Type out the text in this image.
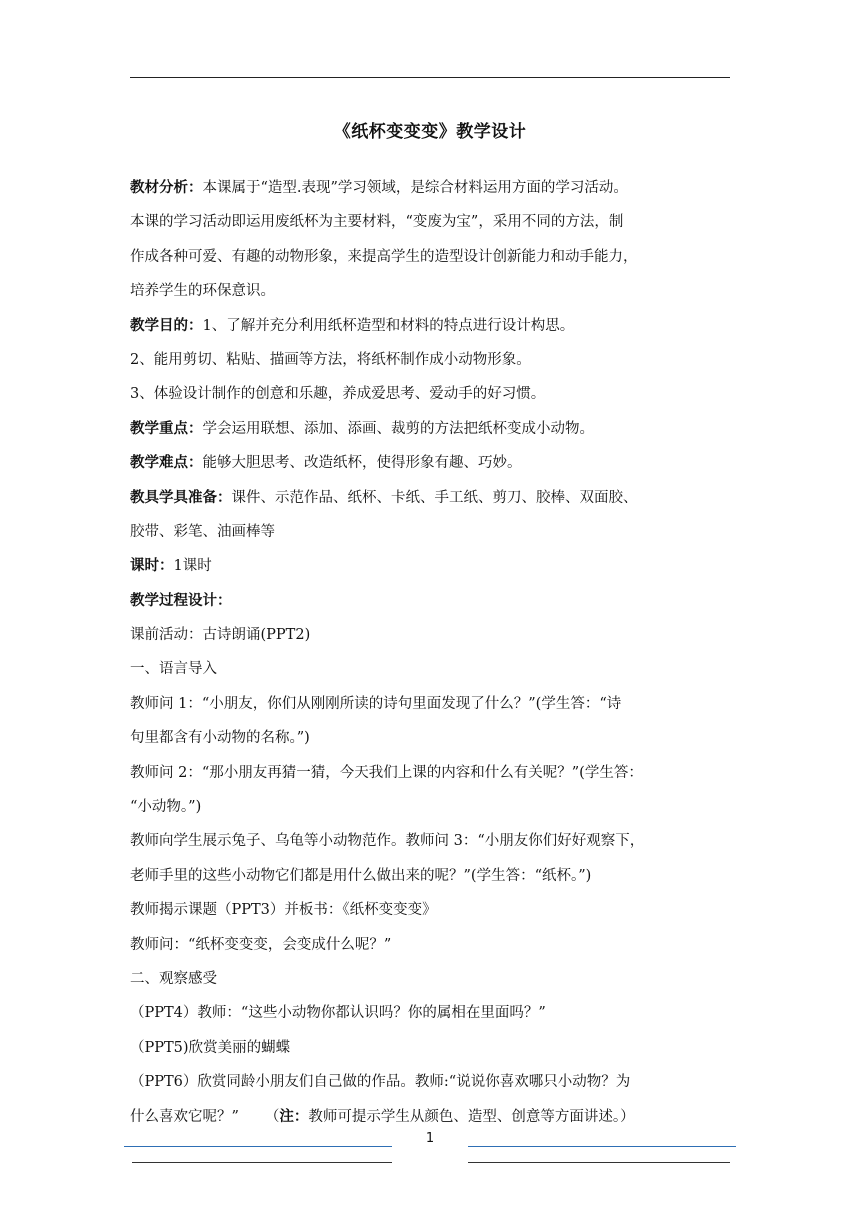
《纸杯变变变》教学设计
教材分析：本课属于“造型.表现”学习领域，是综合材料运用方面的学习活动。
本课的学习活动即运用废纸杯为主要材料，“变废为宝”，采用不同的方法，制
作成各种可爱、有趣的动物形象，来提高学生的造型设计创新能力和动手能力，
培养学生的环保意识。
教学目的：1、了解并充分利用纸杯造型和材料的特点进行设计构思。
2、能用剪切、粘贴、描画等方法，将纸杯制作成小动物形象。
3、体验设计制作的创意和乐趣，养成爱思考、爱动手的好习惯。
教学重点：学会运用联想、添加、添画、裁剪的方法把纸杯变成小动物。
教学难点：能够大胆思考、改造纸杯，使得形象有趣、巧妙。
教具学具准备：课件、示范作品、纸杯、卡纸、手工纸、剪刀、胶棒、双面胶、
胶带、彩笔、油画棒等
课时：1课时
教学过程设计：
课前活动：古诗朗诵(PPT2)
一、语言导入
教师问 1：“小朋友，你们从刚刚所读的诗句里面发现了什么？”(学生答：“诗
句里都含有小动物的名称。”)
教师问 2：“那小朋友再猜一猜，今天我们上课的内容和什么有关呢？”(学生答：
“小动物。”)
教师向学生展示兔子、乌龟等小动物范作。教师问 3：“小朋友你们好好观察下，
老师手里的这些小动物它们都是用什么做出来的呢？”(学生答：“纸杯。”)
教师揭示课题（PPT3）并板书：《纸杯变变变》
教师问：“纸杯变变变，会变成什么呢？”
二、观察感受
（PPT4）教师：“这些小动物你都认识吗？你的属相在里面吗？”
（PPT5)欣赏美丽的蝴蝶
（PPT6）欣赏同龄小朋友们自己做的作品。教师:“说说你喜欢哪只小动物？为
什么喜欢它呢？” （注：教师可提示学生从颜色、造型、创意等方面讲述。）
1
